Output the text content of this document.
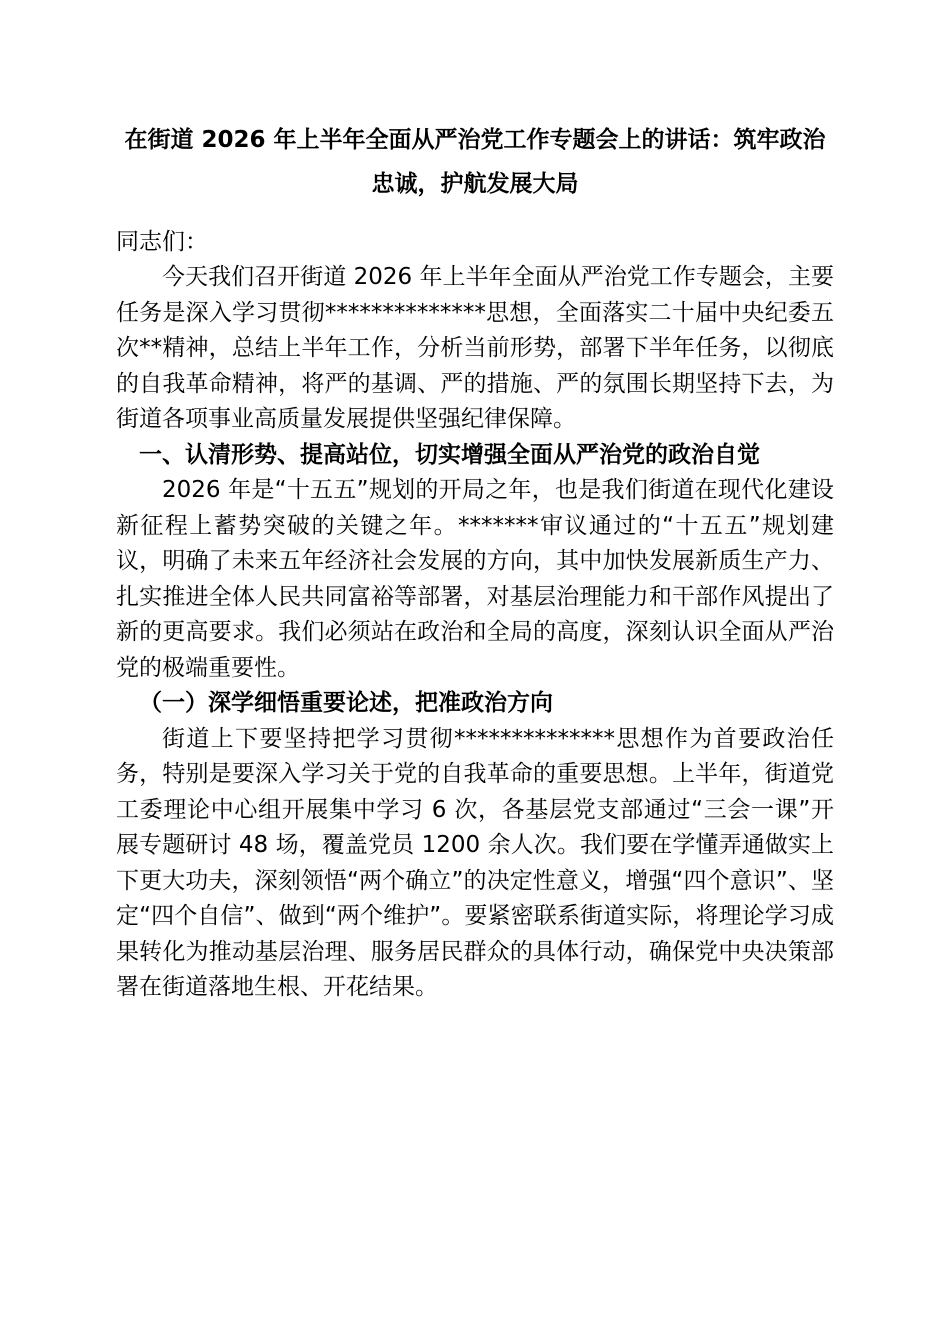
在街道 2026 年上半年全面从严治党工作专题会上的讲话：筑牢政治忠诚，护航发展大局
同志们：

今天我们召开街道 2026 年上半年全面从严治党工作专题会，主要任务是深入学习贯彻**************思想，全面落实二十届中央纪委五次**精神，总结上半年工作，分析当前形势，部署下半年任务，以彻底的自我革命精神，将严的基调、严的措施、严的氛围长期坚持下去，为街道各项事业高质量发展提供坚强纪律保障。

一、认清形势、提高站位，切实增强全面从严治党的政治自觉

2026 年是“十五五”规划的开局之年，也是我们街道在现代化建设新征程上蓄势突破的关键之年。*******审议通过的“十五五”规划建议，明确了未来五年经济社会发展的方向，其中加快发展新质生产力、扎实推进全体人民共同富裕等部署，对基层治理能力和干部作风提出了新的更高要求。我们必须站在政治和全局的高度，深刻认识全面从严治党的极端重要性。

（一）深学细悟重要论述，把准政治方向

街道上下要坚持把学习贯彻**************思想作为首要政治任务，特别是要深入学习关于党的自我革命的重要思想。上半年，街道党工委理论中心组开展集中学习 6 次，各基层党支部通过“三会一课”开展专题研讨 48 场，覆盖党员 1200 余人次。我们要在学懂弄通做实上下更大功夫，深刻领悟“两个确立”的决定性意义，增强“四个意识”、坚定“四个自信”、做到“两个维护”。要紧密联系街道实际，将理论学习成果转化为推动基层治理、服务居民群众的具体行动，确保党中央决策部署在街道落地生根、开花结果。
